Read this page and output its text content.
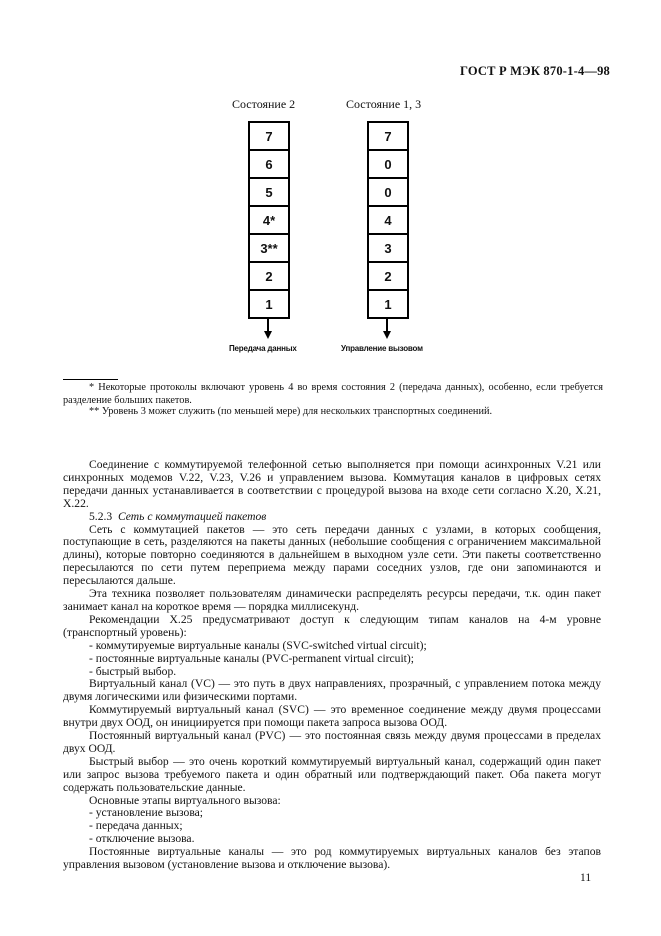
ГОСТ Р МЭК 870-1-4—98
Состояние 2	Состояние 1, 3
7
6
5
4*
3**
2
1
7
0
0
4
3
2
1
Передача данных	Управление вызовом
* Некоторые протоколы включают уровень 4 во время состояния 2 (передача данных), особенно, если требуется разделение больших пакетов.
** Уровень 3 может служить (по меньшей мере) для нескольких транспортных соединений.

Соединение с коммутируемой телефонной сетью выполняется при помощи асинхронных V.21 или синхронных модемов V.22, V.23, V.26 и управлением вызова. Коммутация каналов в цифровых сетях передачи данных устанавливается в соответствии с процедурой вызова на входе сети согласно Х.20, Х.21, Х.22.

5.2.3 Сеть с коммутацией пакетов

Сеть с коммутацией пакетов — это сеть передачи данных с узлами, в которых сообщения, поступающие в сеть, разделяются на пакеты данных (небольшие сообщения с ограничением максимальной длины), которые повторно соединяются в дальнейшем в выходном узле сети. Эти пакеты соответственно пересылаются по сети путем переприема между парами соседних узлов, где они запоминаются и пересылаются дальше.

Эта техника позволяет пользователям динамически распределять ресурсы передачи, т.к. один пакет занимает канал на короткое время — порядка миллисекунд.

Рекомендации Х.25 предусматривают доступ к следующим типам каналов на 4-м уровне (транспортный уровень):

- коммутируемые виртуальные каналы (SVC-switched virtual circuit);

- постоянные виртуальные каналы (PVC-permanent virtual circuit);

- быстрый выбор.

Виртуальный канал (VC) — это путь в двух направлениях, прозрачный, с управлением потока между двумя логическими или физическими портами.

Коммутируемый виртуальный канал (SVC) — это временное соединение между двумя процессами внутри двух ООД, он инициируется при помощи пакета запроса вызова ООД.

Постоянный виртуальный канал (PVC) — это постоянная связь между двумя процессами в пределах двух ООД.

Быстрый выбор — это очень короткий коммутируемый виртуальный канал, содержащий один пакет или запрос вызова требуемого пакета и один обратный или подтверждающий пакет. Оба пакета могут содержать пользовательские данные.

Основные этапы виртуального вызова:

- установление вызова;

- передача данных;

- отключение вызова.

Постоянные виртуальные каналы — это род коммутируемых виртуальных каналов без этапов управления вызовом (установление вызова и отключение вызова).

11
